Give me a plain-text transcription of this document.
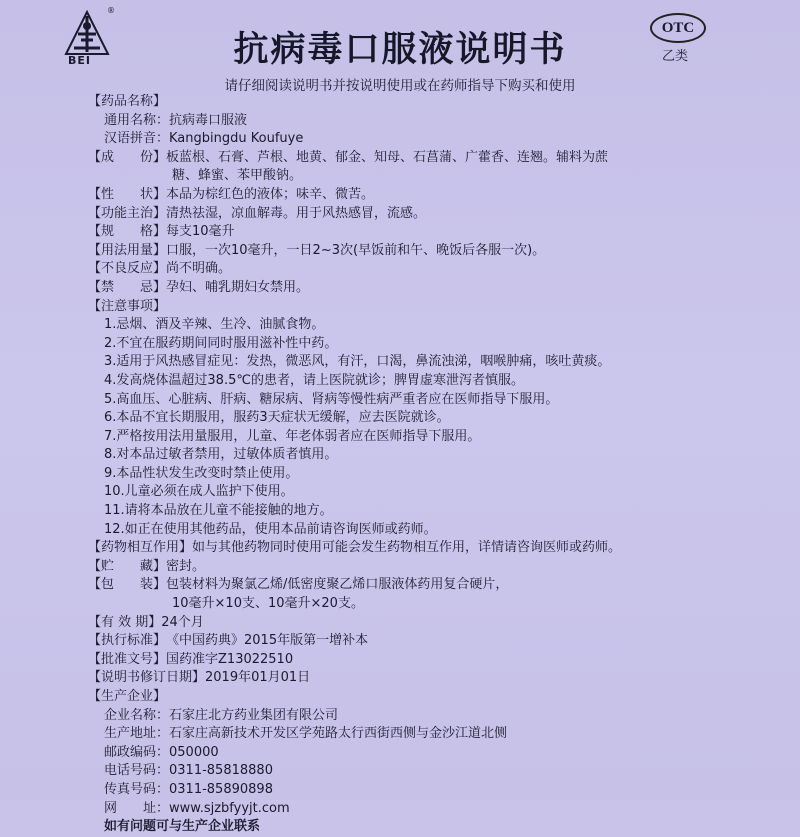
®
BEI	抗病毒口服液说明书
OTC
乙类
请仔细阅读说明书并按说明使用或在药师指导下购买和使用
【药品名称】
通用名称：抗病毒口服液
汉语拼音：Kangbingdu Koufuye
【成　　份】板蓝根、石膏、芦根、地黄、郁金、知母、石菖蒲、广藿香、连翘。辅料为蔗
糖、蜂蜜、苯甲酸钠。
【性　　状】本品为棕红色的液体；味辛、微苦。
【功能主治】清热祛湿，凉血解毒。用于风热感冒，流感。
【规　　格】每支10毫升
【用法用量】口服，一次10毫升，一日2~3次(早饭前和午、晚饭后各服一次)。
【不良反应】尚不明确。
【禁　　忌】孕妇、哺乳期妇女禁用。
【注意事项】
1.忌烟、酒及辛辣、生冷、油腻食物。
2.不宜在服药期间同时服用滋补性中药。
3.适用于风热感冒症见：发热，微恶风，有汗，口渴，鼻流浊涕，咽喉肿痛，咳吐黄痰。
4.发高烧体温超过38.5℃的患者，请上医院就诊；脾胃虚寒泄泻者慎服。
5.高血压、心脏病、肝病、糖尿病、肾病等慢性病严重者应在医师指导下服用。
6.本品不宜长期服用，服药3天症状无缓解，应去医院就诊。
7.严格按用法用量服用，儿童、年老体弱者应在医师指导下服用。
8.对本品过敏者禁用，过敏体质者慎用。
9.本品性状发生改变时禁止使用。
10.儿童必须在成人监护下使用。
11.请将本品放在儿童不能接触的地方。
12.如正在使用其他药品，使用本品前请咨询医师或药师。
【药物相互作用】如与其他药物同时使用可能会发生药物相互作用，详情请咨询医师或药师。
【贮　　藏】密封。
【包　　装】包装材料为聚氯乙烯/低密度聚乙烯口服液体药用复合硬片，
10毫升×10支、10毫升×20支。
【有 效 期】24个月
【执行标准】《中国药典》2015年版第一增补本
【批准文号】国药准字Z13022510
【说明书修订日期】2019年01月01日
【生产企业】
企业名称：石家庄北方药业集团有限公司
生产地址：石家庄高新技术开发区学苑路太行西街西侧与金沙江道北侧
邮政编码：050000
电话号码：0311-85818880
传真号码：0311-85890898
网　　址：www.sjzbfyyjt.com
如有问题可与生产企业联系
